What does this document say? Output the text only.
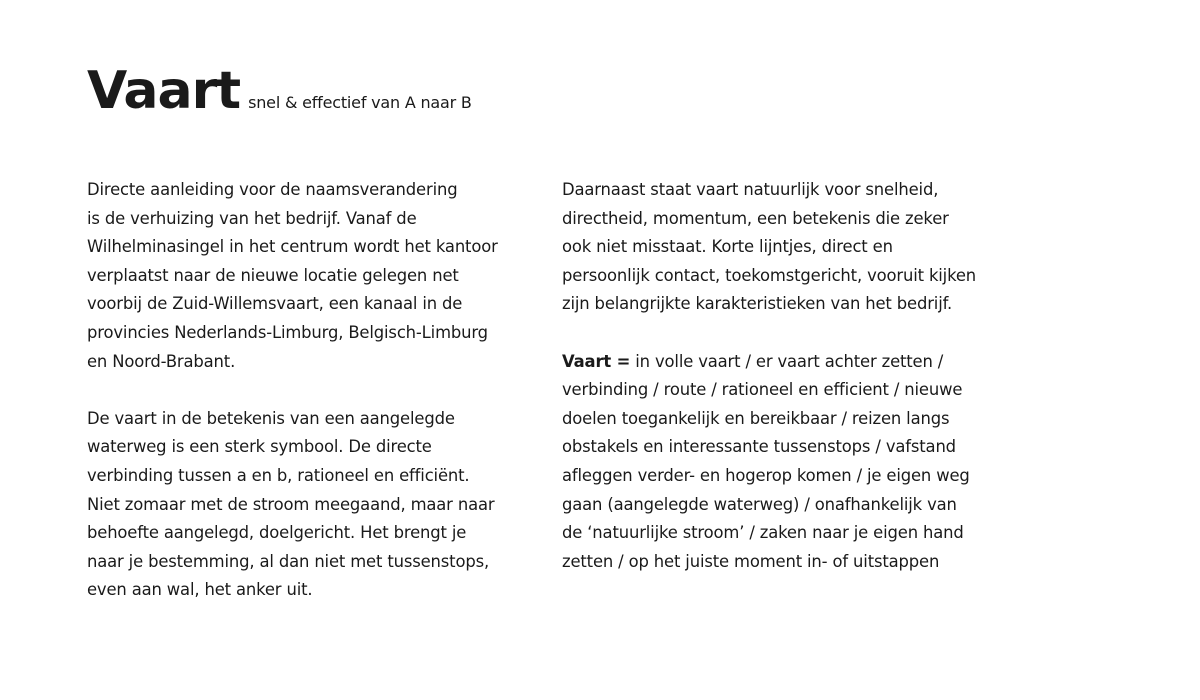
Vaart snel & effectief van A naar B

Directe aanleiding voor de naamsverandering
is de verhuizing van het bedrijf. Vanaf de
Wilhelminasingel in het centrum wordt het kantoor
verplaatst naar de nieuwe locatie gelegen net
voorbij de Zuid-Willemsvaart, een kanaal in de
provincies Nederlands-Limburg, Belgisch-Limburg
en Noord-Brabant.

De vaart in de betekenis van een aangelegde
waterweg is een sterk symbool. De directe
verbinding tussen a en b, rationeel en efficiënt.
Niet zomaar met de stroom meegaand, maar naar
behoefte aangelegd, doelgericht. Het brengt je
naar je bestemming, al dan niet met tussenstops,
even aan wal, het anker uit.

Daarnaast staat vaart natuurlijk voor snelheid,
directheid, momentum, een betekenis die zeker
ook niet misstaat. Korte lijntjes, direct en
persoonlijk contact, toekomstgericht, vooruit kijken
zijn belangrijkte karakteristieken van het bedrijf.

Vaart = in volle vaart / er vaart achter zetten /
verbinding / route / rationeel en efficient / nieuwe
doelen toegankelijk en bereikbaar / reizen langs
obstakels en interessante tussenstops / vafstand
afleggen verder- en hogerop komen / je eigen weg
gaan (aangelegde waterweg) / onafhankelijk van
de ‘natuurlijke stroom’ / zaken naar je eigen hand
zetten / op het juiste moment in- of uitstappen
